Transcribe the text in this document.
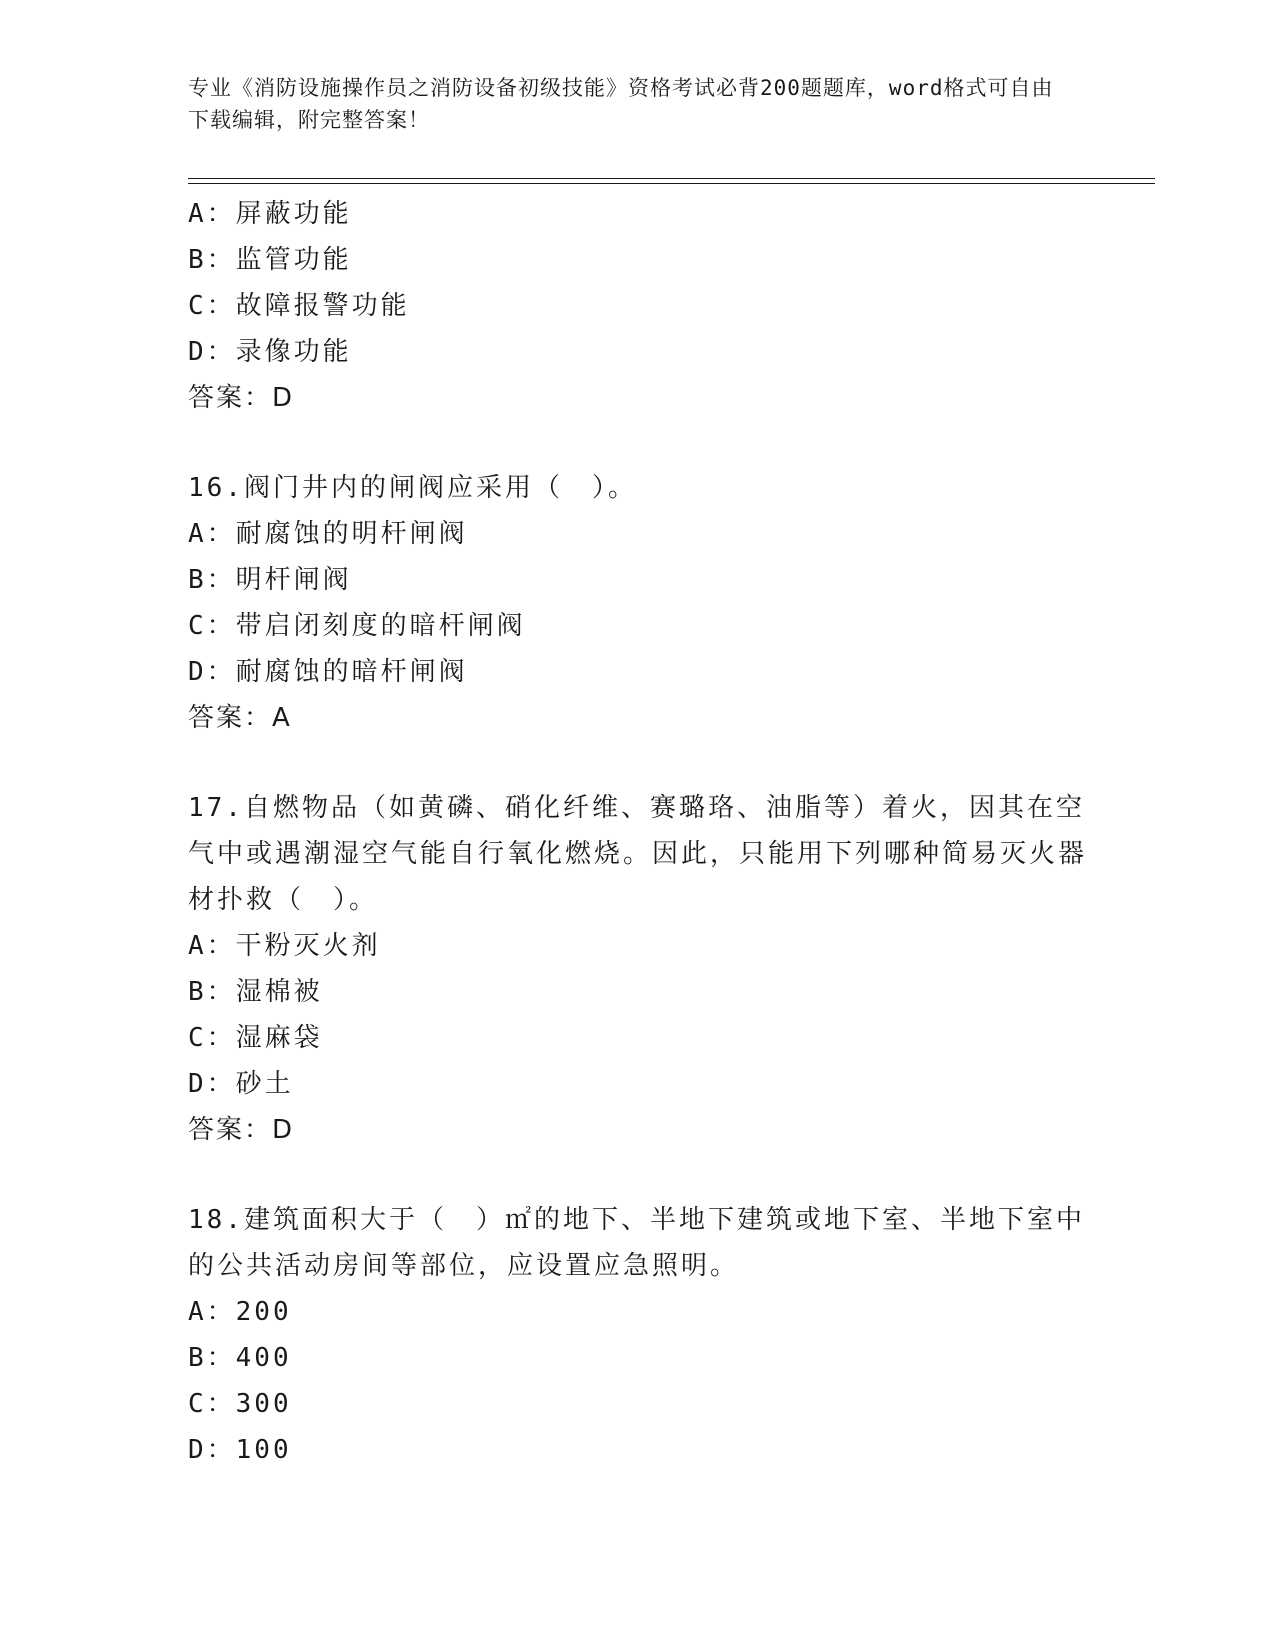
专业《消防设施操作员之消防设备初级技能》资格考试必背200题题库，word格式可自由下载编辑，附完整答案！
A：屏蔽功能
B：监管功能
C：故障报警功能
D：录像功能
答案：D
16.阀门井内的闸阀应采用（　）。
A：耐腐蚀的明杆闸阀
B：明杆闸阀
C：带启闭刻度的暗杆闸阀
D：耐腐蚀的暗杆闸阀
答案：A
17.自燃物品（如黄磷、硝化纤维、赛璐珞、油脂等）着火，因其在空气中或遇潮湿空气能自行氧化燃烧。因此，只能用下列哪种简易灭火器材扑救（　）。
A：干粉灭火剂
B：湿棉被
C：湿麻袋
D：砂土
答案：D
18.建筑面积大于（　）㎡的地下、半地下建筑或地下室、半地下室中的公共活动房间等部位，应设置应急照明。
A：200
B：400
C：300
D：100
